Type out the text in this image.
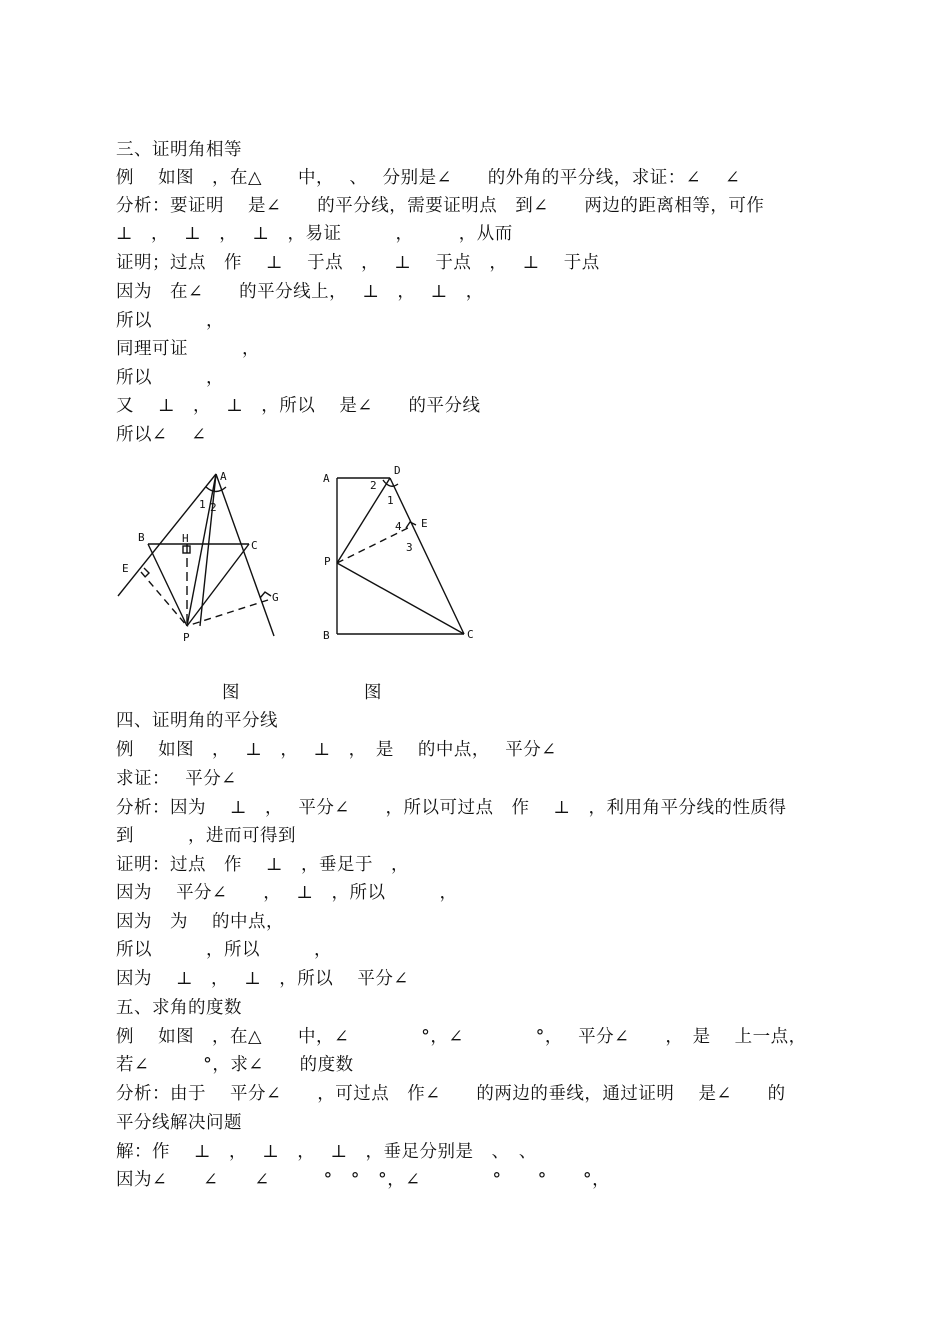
三、证明角相等
例　 如图　，在△　　中，　 、　 分别是∠　　的外角的平分线，求证：∠　 ∠
分析：要证明　 是∠　　的平分线，需要证明点　到∠　　两边的距离相等，可作
⊥　，　 ⊥　，　 ⊥　，易证　　　，　　　，从而
证明；过点　作　 ⊥　 于点　，　 ⊥　 于点　，　 ⊥　 于点
因为　在∠　　的平分线上，　 ⊥　，　 ⊥　，
所以　　　，
同理可证　　　，
所以　　　，
又　 ⊥　，　 ⊥　，所以　 是∠　　的平分线
所以∠　 ∠
四、证明角的平分线
例　 如图　，　 ⊥　，　 ⊥　，　是　 的中点，　 平分∠
求证：　 平分∠
分析：因为　 ⊥　，　 平分∠　　，所以可过点　作　 ⊥　，利用角平分线的性质得
到　　　，进而可得到
证明：过点　作　 ⊥　，垂足于　，
因为　 平分∠　　，　 ⊥　，所以　　　，
因为　为　 的中点，
所以　　　，所以　　　，
因为　 ⊥　，　 ⊥　，所以　 平分∠
五、求角的度数
例　 如图　，在△　　中，∠　　　　°，∠　　　　°，　 平分∠　　，　是　 上一点，
若∠　　　°，求∠　　的度数
分析：由于　 平分∠　　，可过点　作∠　　的两边的垂线，通过证明　 是∠　　的
平分线解决问题
解：作　 ⊥　，　 ⊥　，　 ⊥　，垂足分别是　、　、
因为∠　　∠　　∠　　　°　°　°，∠　　　　°　　°　　°，
A
B
C
E
G
H
P
1 2
A
D
E
P
B	C
1
2
3
4
图	图
